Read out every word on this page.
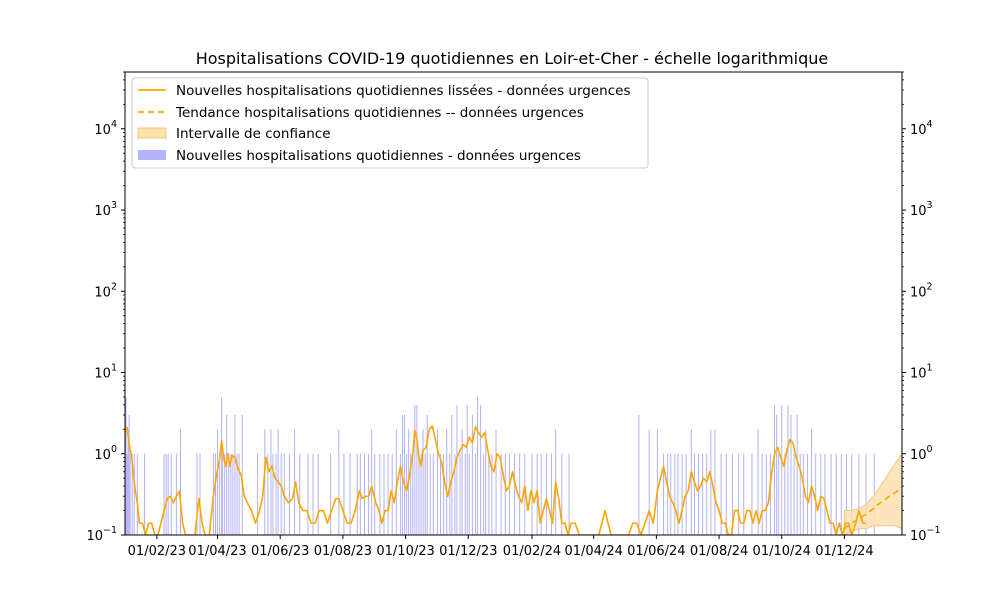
Hospitalisations COVID-19 quotidiennes en Loir-et-Cher - échelle logarithmique
01/02/23 01/04/23 01/06/23 01/08/23 01/10/23 01/12/23 01/02/24 01/04/24 01/06/24 01/08/24 01/10/24 01/12/24
$10^{-1}$	$10^{-1}$
$10^0$	$10^0$
$10^1$	$10^1$
$10^2$	$10^2$
$10^3$	$10^3$
$10^4$	$10^4$
Nouvelles hospitalisations quotidiennes lissées - données urgences
Tendance hospitalisations quotidiennes -- données urgences
Intervalle de confiance
Nouvelles hospitalisations quotidiennes - données urgences
